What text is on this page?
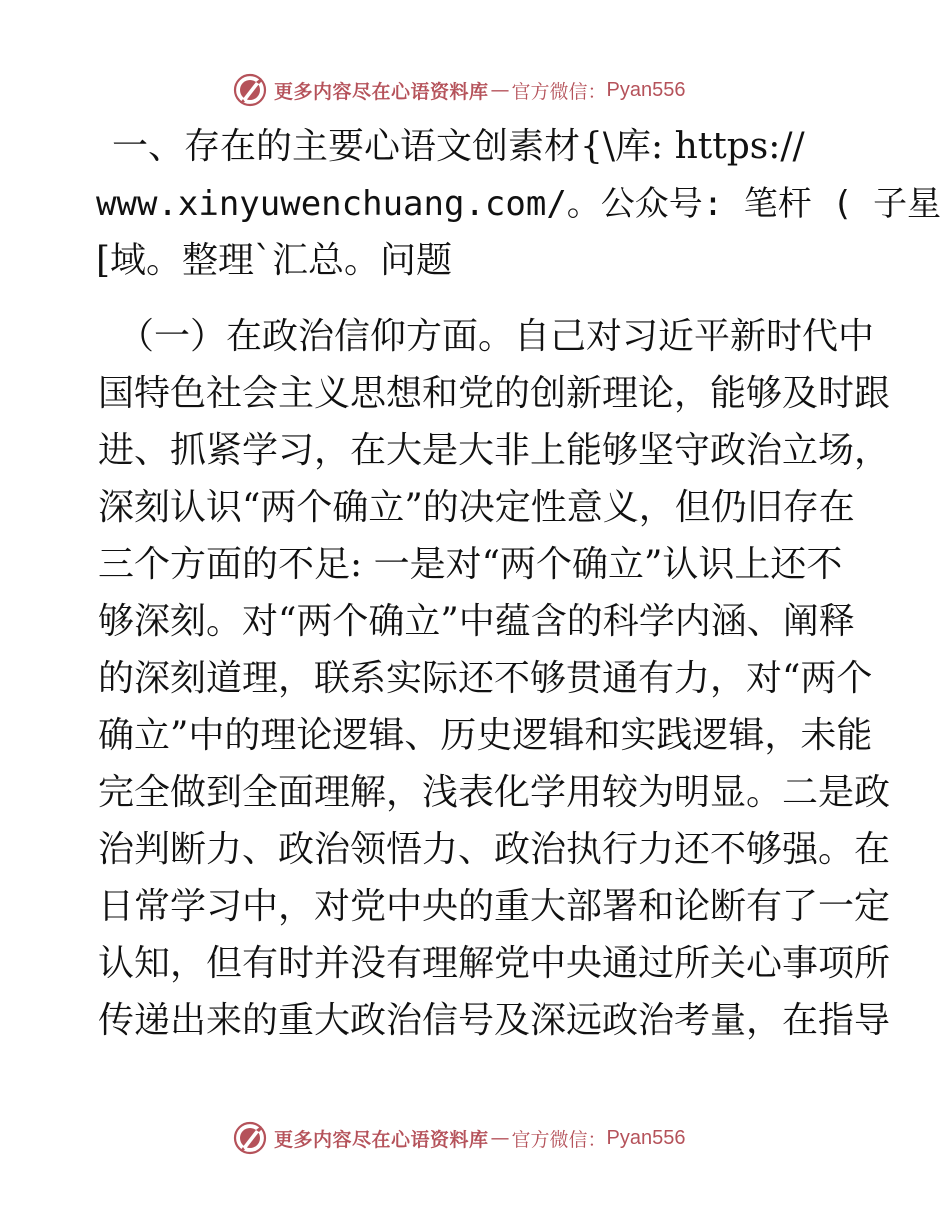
更多内容尽在心语资料库 — 官方微信： Pyan556
一、存在的主要心语文创素材{\库: https://
www.xinyuwenchuang.com/。公众号: 笔杆 ( 子星
[域。整理`汇总。问题
（一）在政治信仰方面。自己对习近平新时代中
国特色社会主义思想和党的创新理论，能够及时跟
进、抓紧学习，在大是大非上能够坚守政治立场，
深刻认识“两个确立”的决定性意义，但仍旧存在
三个方面的不足: 一是对“两个确立”认识上还不
够深刻。对“两个确立”中蕴含的科学内涵、阐释
的深刻道理，联系实际还不够贯通有力，对“两个
确立”中的理论逻辑、历史逻辑和实践逻辑，未能
完全做到全面理解，浅表化学用较为明显。二是政
治判断力、政治领悟力、政治执行力还不够强。在
日常学习中，对党中央的重大部署和论断有了一定
认知，但有时并没有理解党中央通过所关心事项所
传递出来的重大政治信号及深远政治考量，在指导
更多内容尽在心语资料库 — 官方微信： Pyan556
